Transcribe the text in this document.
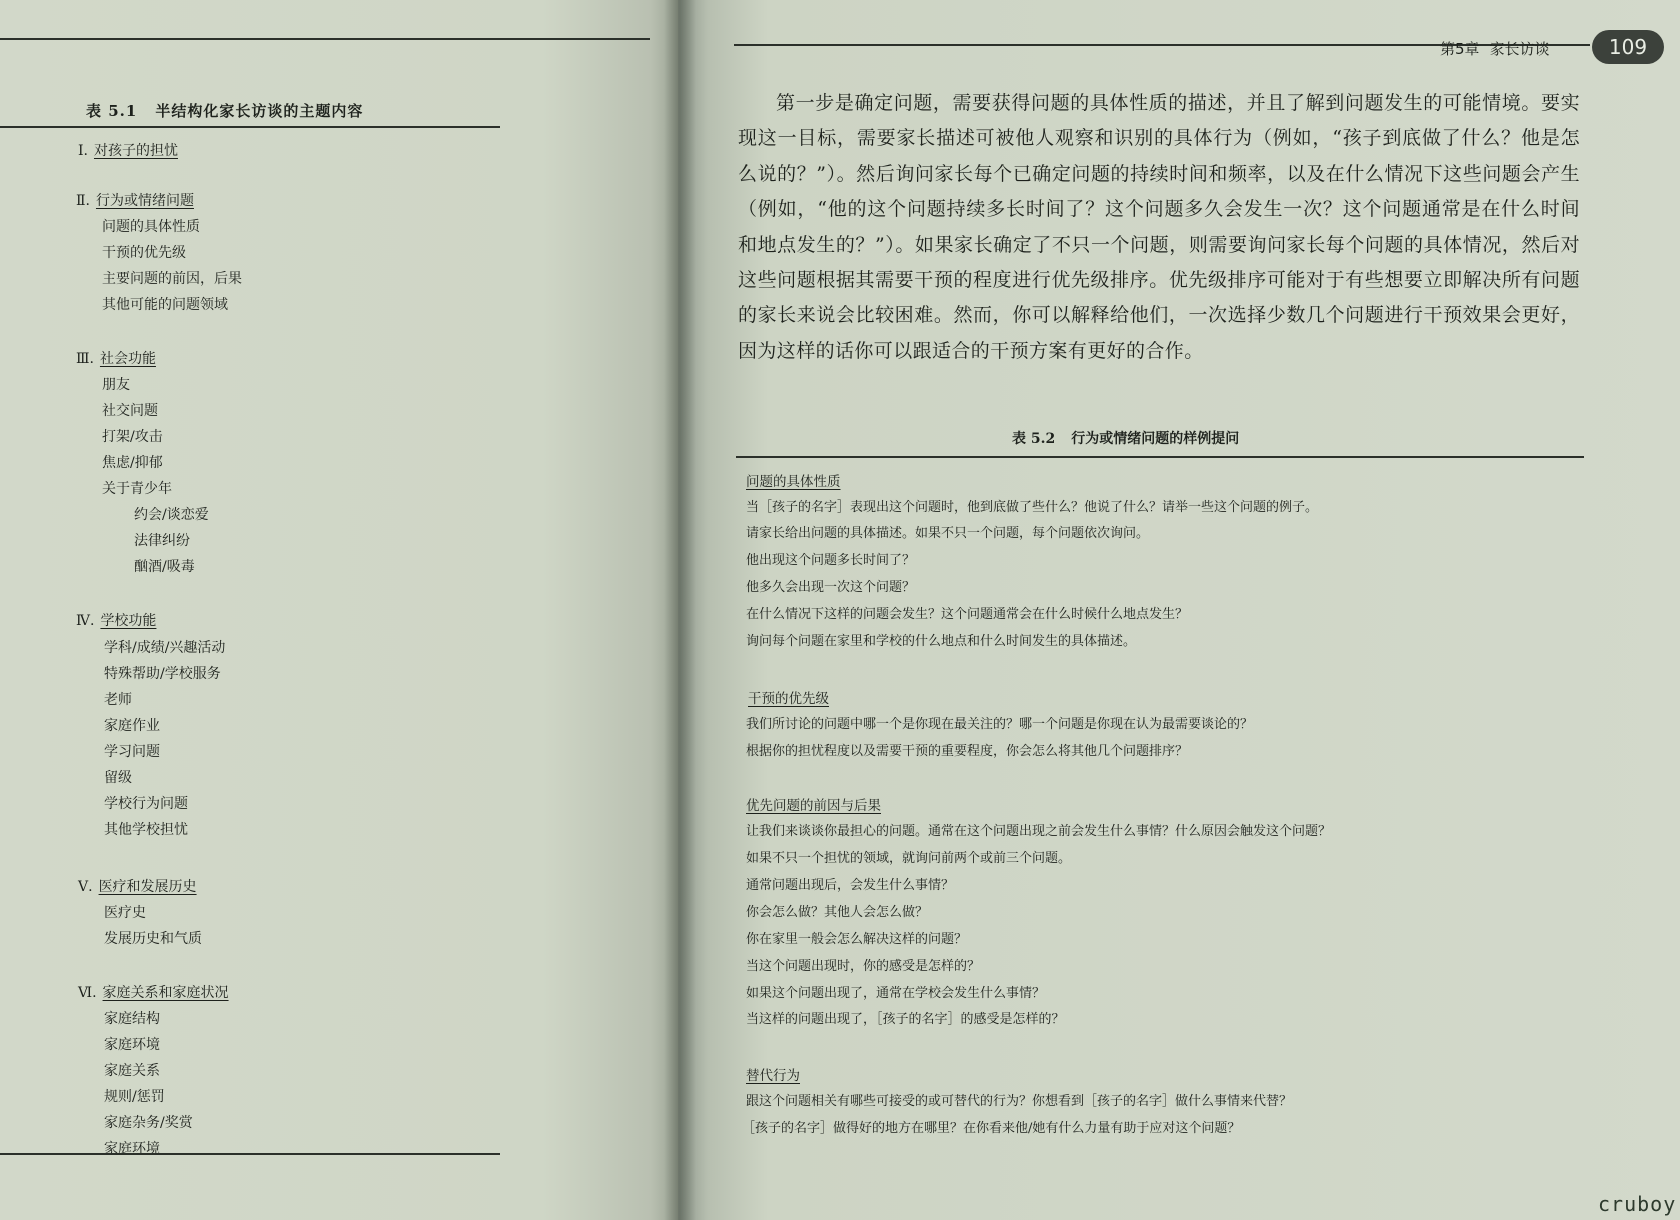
表 5.1 半结构化家长访谈的主题内容
Ⅰ. 对孩子的担忧
Ⅱ. 行为或情绪问题
问题的具体性质
干预的优先级
主要问题的前因，后果
其他可能的问题领域
Ⅲ. 社会功能
朋友
社交问题
打架/攻击
焦虑/抑郁
关于青少年
约会/谈恋爱
法律纠纷
酗酒/吸毒
Ⅳ. 学校功能
学科/成绩/兴趣活动
特殊帮助/学校服务
老师
家庭作业
学习问题
留级
学校行为问题
其他学校担忧
Ⅴ. 医疗和发展历史
医疗史
发展历史和气质
Ⅵ. 家庭关系和家庭状况
家庭结构
家庭环境
家庭关系
规则/惩罚
家庭杂务/奖赏
家庭环境
第5章 家长访谈	109
第一步是确定问题，需要获得问题的具体性质的描述，并且了解到问题发生的可能情境。要实现这一目标，需要家长描述可被他人观察和识别的具体行为（例如，“孩子到底做了什么？他是怎么说的？”）。然后询问家长每个已确定问题的持续时间和频率，以及在什么情况下这些问题会产生（例如，“他的这个问题持续多长时间了？这个问题多久会发生一次？这个问题通常是在什么时间和地点发生的？”）。如果家长确定了不只一个问题，则需要询问家长每个问题的具体情况，然后对这些问题根据其需要干预的程度进行优先级排序。优先级排序可能对于有些想要立即解决所有问题的家长来说会比较困难。然而，你可以解释给他们，一次选择少数几个问题进行干预效果会更好，因为这样的话你可以跟适合的干预方案有更好的合作。
表 5.2 行为或情绪问题的样例提问
问题的具体性质
当［孩子的名字］表现出这个问题时，他到底做了些什么？他说了什么？请举一些这个问题的例子。
请家长给出问题的具体描述。如果不只一个问题，每个问题依次询问。
他出现这个问题多长时间了？
他多久会出现一次这个问题？
在什么情况下这样的问题会发生？这个问题通常会在什么时候什么地点发生？
询问每个问题在家里和学校的什么地点和什么时间发生的具体描述。
干预的优先级
我们所讨论的问题中哪一个是你现在最关注的？哪一个问题是你现在认为最需要谈论的？
根据你的担忧程度以及需要干预的重要程度，你会怎么将其他几个问题排序？
优先问题的前因与后果
让我们来谈谈你最担心的问题。通常在这个问题出现之前会发生什么事情？什么原因会触发这个问题？
如果不只一个担忧的领域，就询问前两个或前三个问题。
通常问题出现后，会发生什么事情？
你会怎么做？其他人会怎么做？
你在家里一般会怎么解决这样的问题？
当这个问题出现时，你的感受是怎样的？
如果这个问题出现了，通常在学校会发生什么事情？
当这样的问题出现了，［孩子的名字］的感受是怎样的？
替代行为
跟这个问题相关有哪些可接受的或可替代的行为？你想看到［孩子的名字］做什么事情来代替？
［孩子的名字］做得好的地方在哪里？在你看来他/她有什么力量有助于应对这个问题？
cruboy
